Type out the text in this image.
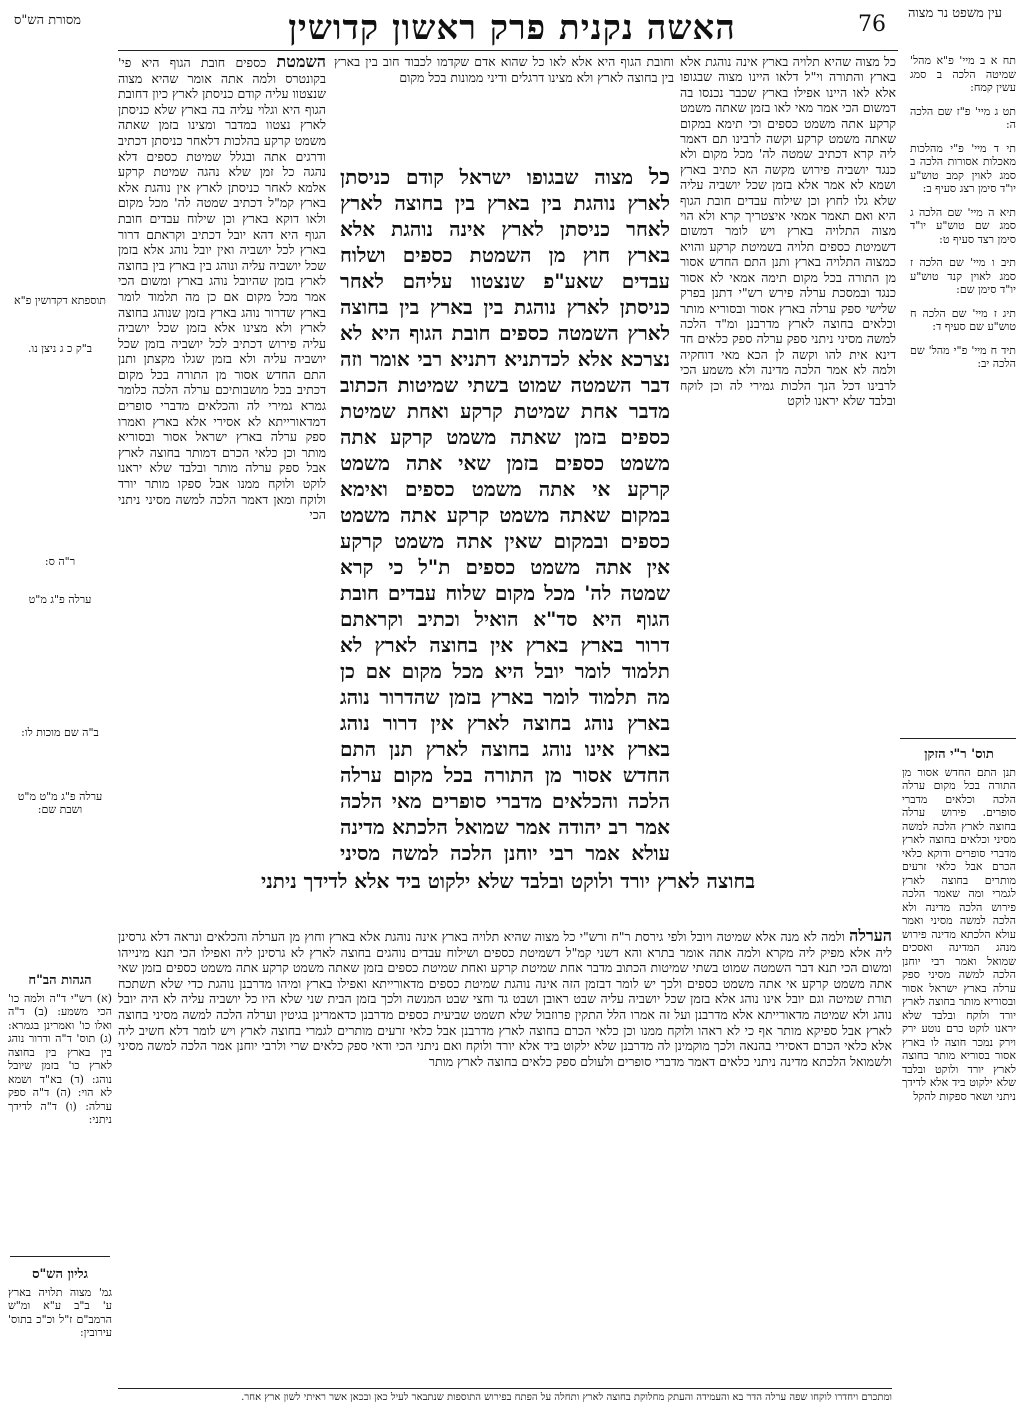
מסורת הש"ס	האשה נקנית פרק ראשון קדושין	76	עין משפט נר מצוה

תח א ב מיי' פ"א מהל' שמיטה הלכה ב סמג עשין קמח:

תט ג מיי' פ"ז שם הלכה ה:

תי ד מיי' פ"י מהלכות מאכלות אסורות הלכה ב סמג לאוין קמב טוש"ע יו"ד סימן רצג סעיף ב:

תיא ה מיי' שם הלכה ג סמג שם טוש"ע יו"ד סימן רצד סעיף ט:

תיב ו מיי' שם הלכה ז סמג לאוין קנד טוש"ע יו"ד סימן שם:

תיג ז מיי' שם הלכה ח טוש"ע שם סעיף ד:

תיד ח מיי' פ"י מהל' שם הלכה יב:

תוס' ר"י הזקן

תנן התם החדש אסור מן התורה בכל מקום ערלה הלכה וכלאים מדברי סופרים. פירוש ערלה בחוצה לארץ הלכה למשה מסיני וכלאים בחוצה לארץ מדברי סופרים ודוקא כלאי הכרם אבל כלאי זרעים מותרים בחוצה לארץ לגמרי ומה שאמר הלכה פירוש הלכה מדינה ולא הלכה למשה מסיני ואמר עולא הלכתא מדינה פירוש מנהג המדינה ואסכים שמואל ואמר רבי יוחנן הלכה למשה מסיני ספק ערלה בארץ ישראל אסור ובסוריא מותר בחוצה לארץ יורד ולוקח ובלבד שלא יראנו לוקט כרם נוטע ירק וירק נמכר חוצה לו בארץ אסור בסוריא מותר בחוצה לארץ יורד ולוקט ובלבד שלא ילקוט ביד אלא לדידך ניתני ושאר ספקות להקל

כל מצוה שהיא תלויה בארץ אינה נוהגת אלא בארץ והתורה וי"ל דלאו היינו מצוה שבגופו אלא לאו היינו אפילו בארץ שכבר נכנסו בה דמשום הכי אמר מאי לאו בזמן שאתה משמט קרקע אתה משמט כספים וכי תימא במקום שאתה משמט קרקע וקשה לרבינו תם דאמר ליה קרא דכתיב שמטה לה' מכל מקום ולא כנגד יושביה פירוש מקשה הא כתיב בארץ ושמא לא אמר אלא בזמן שכל יושביה עליה שלא גלו לחוץ וכן שילוח עבדים חובת הגוף היא ואם תאמר אמאי איצטריך קרא ולא הוי מצוה התלויה בארץ ויש לומר דמשום דשמיטת כספים תלויה בשמיטת קרקע והויא כמצוה התלויה בארץ ותנן התם החדש אסור מן התורה בכל מקום תימה אמאי לא אסור כנגד ובמסכת ערלה פירש רש"י דתנן בפרק שלישי ספק ערלה בארץ אסור ובסוריא מותר וכלאים בחוצה לארץ מדרבנן ומ"ד הלכה למשה מסיני ניתני ספק ערלה ספק כלאים חד דינא אית להו וקשה לן הכא מאי דוחקיה ולמה לא אמר הלכה מדינה ולא משמע הכי לרבינו דכל הנך הלכות גמירי לה וכן לוקח ובלבד שלא יראנו לוקט

וחובת הגוף היא אלא לאו כל שהוא אדם שקדמו לכבוד חוב בין בארץ בין בחוצה לארץ ולא מצינו דרגלים ודיני ממונות בכל מקום

כל מצוה שבגופו ישראל קודם כניסתן לארץ נוהגת בין בארץ בין בחוצה לארץ לאחר כניסתן לארץ אינה נוהגת אלא בארץ חוץ מן השמטת כספים ושלוח עבדים שאע"פ שנצטוו עליהם לאחר כניסתן לארץ נוהגת בין בארץ בין בחוצה לארץ השמטה כספים חובת הגוף היא לא נצרכא אלא לכדתניא דתניא רבי אומר וזה דבר השמטה שמוט בשתי שמיטות הכתוב מדבר אחת שמיטת קרקע ואחת שמיטת כספים בזמן שאתה משמט קרקע אתה משמט כספים בזמן שאי אתה משמט קרקע אי אתה משמט כספים ואימא במקום שאתה משמט קרקע אתה משמט כספים ובמקום שאין אתה משמט קרקע אין אתה משמט כספים ת"ל כי קרא שמטה לה' מכל מקום שלוח עבדים חובת הגוף היא סד"א הואיל וכתיב וקראתם דרור בארץ בארץ אין בחוצה לארץ לא תלמוד לומר יובל היא מכל מקום אם כן מה תלמוד לומר בארץ בזמן שהדרור נוהג בארץ נוהג בחוצה לארץ אין דרור נוהג בארץ אינו נוהג בחוצה לארץ תנן התם החדש אסור מן התורה בכל מקום ערלה הלכה והכלאים מדברי סופרים מאי הלכה אמר רב יהודה אמר שמואל הלכתא מדינה עולא אמר רבי יוחנן הלכה למשה מסיני

בחוצה לארץ יורד ולוקט ובלבד שלא ילקוט ביד אלא לדידך ניתני

השמטת כספים חובת הגוף היא פי' בקונטרס ולמה אתה אומר שהיא מצוה שנצטוו עליה קודם כניסתן לארץ כיון דחובת הגוף היא וגלוי עליה בה בארץ שלא כניסתן לארץ נצטוו במדבר ומצינו בזמן שאתה משמט קרקע בהלכות דלאחר כניסתן דכתיב ודרגים אתה ובגלל שמיטת כספים דלא נהגה כל זמן שלא נהגה שמיטת קרקע אלמא לאחר כניסתן לארץ אין נוהגת אלא בארץ קמ"ל דכתיב שמטה לה' מכל מקום ולאו דוקא בארץ וכן שילוח עבדים חובת הגוף היא דהא יובל דכתיב וקראתם דרור בארץ לכל יושביה ואין יובל נוהג אלא בזמן שכל יושביה עליה ונוהג בין בארץ בין בחוצה לארץ בזמן שהיובל נוהג בארץ ומשום הכי אמר מכל מקום אם כן מה תלמוד לומר בארץ שדרור נוהג בארץ בזמן שנוהג בחוצה לארץ ולא מצינו אלא בזמן שכל יושביה עליה פירוש דכתיב לכל יושביה בזמן שכל יושביה עליה ולא בזמן שגלו מקצתן ותנן התם החדש אסור מן התורה בכל מקום דכתיב בכל מושבותיכם ערלה הלכה כלומר גמרא גמירי לה והכלאים מדברי סופרים דמדאורייתא לא אסירי אלא בארץ ואמרו ספק ערלה בארץ ישראל אסור ובסוריא מותר וכן כלאי הכרם דמותר בחוצה לארץ אבל ספק ערלה מותר ובלבד שלא יראנו לוקט ולוקח ממנו אבל ספקו מותר יורד ולוקח ומאן דאמר הלכה למשה מסיני ניתני הכי

תוספתא דקדושין פ"א

ב"ק כ ג ניצן נו.

ר"ה ס:

ערלה פ"ג מ"ט

ב"ה שם מוכות לו:

ערלה פ"ג מ"ט מ"ט ושבת שם:

הגהות הב"ח

(א) רש"י ד"ה ולמה כו' הכי משמע: (ב) ד"ה ואלו כו' ואמרינן בגמרא: (ג) תוס' ד"ה ודרור נוהג בין בארץ בין בחוצה לארץ כו' בזמן שיובל נוהג: (ד) בא"ד ושמא לא הוי: (ה) ד"ה ספק ערלה: (ו) ד"ה לדידך ניתני:

גליון הש"ס

גמ' מצוה תלויה בארץ ע' ב"ב ע"א ומ"ש הרמב"ם ז"ל וכ"כ בתוס' עירובין:

הערלה ולמה לא מנה אלא שמיטה ויובל ולפי גירסת ר"ח ורש"י כל מצוה שהיא תלויה בארץ אינה נוהגת אלא בארץ וחוץ מן הערלה והכלאים ונראה דלא גרסינן ליה אלא מפיק ליה מקרא ולמה אתה אומר בתרא והא דשני קמ"ל דשמיטת כספים ושילוח עבדים נוהגים בחוצה לארץ לא גרסינן ליה ואפילו הכי תנא מינייהו ומשום הכי תנא דבר השמטה שמוט בשתי שמיטות הכתוב מדבר אחת שמיטת קרקע ואחת שמיטת כספים בזמן שאתה משמט קרקע אתה משמט כספים בזמן שאי אתה משמט קרקע אי אתה משמט כספים ולכך יש לומר דבזמן הזה אינה נוהגת שמיטת כספים מדאורייתא ואפילו בארץ ומיהו מדרבנן נוהגת כדי שלא תשתכח תורת שמיטה וגם יובל אינו נוהג אלא בזמן שכל יושביה עליה שבט ראובן ושבט גד וחצי שבט המנשה ולכך בזמן הבית שני שלא היו כל יושביה עליה לא היה יובל נוהג ולא שמיטה מדאורייתא אלא מדרבנן ועל זה אמרו הלל התקין פרוזבול שלא תשמט שביעית כספים מדרבנן כדאמרינן בגיטין וערלה הלכה למשה מסיני בחוצה לארץ אבל ספיקא מותר אף כי לא ראהו ולוקח ממנו וכן כלאי הכרם בחוצה לארץ מדרבנן אבל כלאי זרעים מותרים לגמרי בחוצה לארץ ויש לומר דלא חשיב ליה אלא כלאי הכרם דאסירי בהנאה ולכך מוקמינן לה מדרבנן שלא ילקוט ביד אלא יורד ולוקח ואם ניתני הכי ודאי ספק כלאים שרי ולרבי יוחנן אמר הלכה למשה מסיני ולשמואל הלכתא מדינה ניתני כלאים דאמר מדברי סופרים ולעולם ספק כלאים בחוצה לארץ מותר

ומתכרם ויחדרו לוקחו שפה ערלה הדר בא והעמידה והעתק מחלוקת בחוצה לארץ ותחלה על הפתח בפירוש התוספות שנתבאר לעיל כאן ובכאן אשר ראיתי לשון ארץ אחר.
